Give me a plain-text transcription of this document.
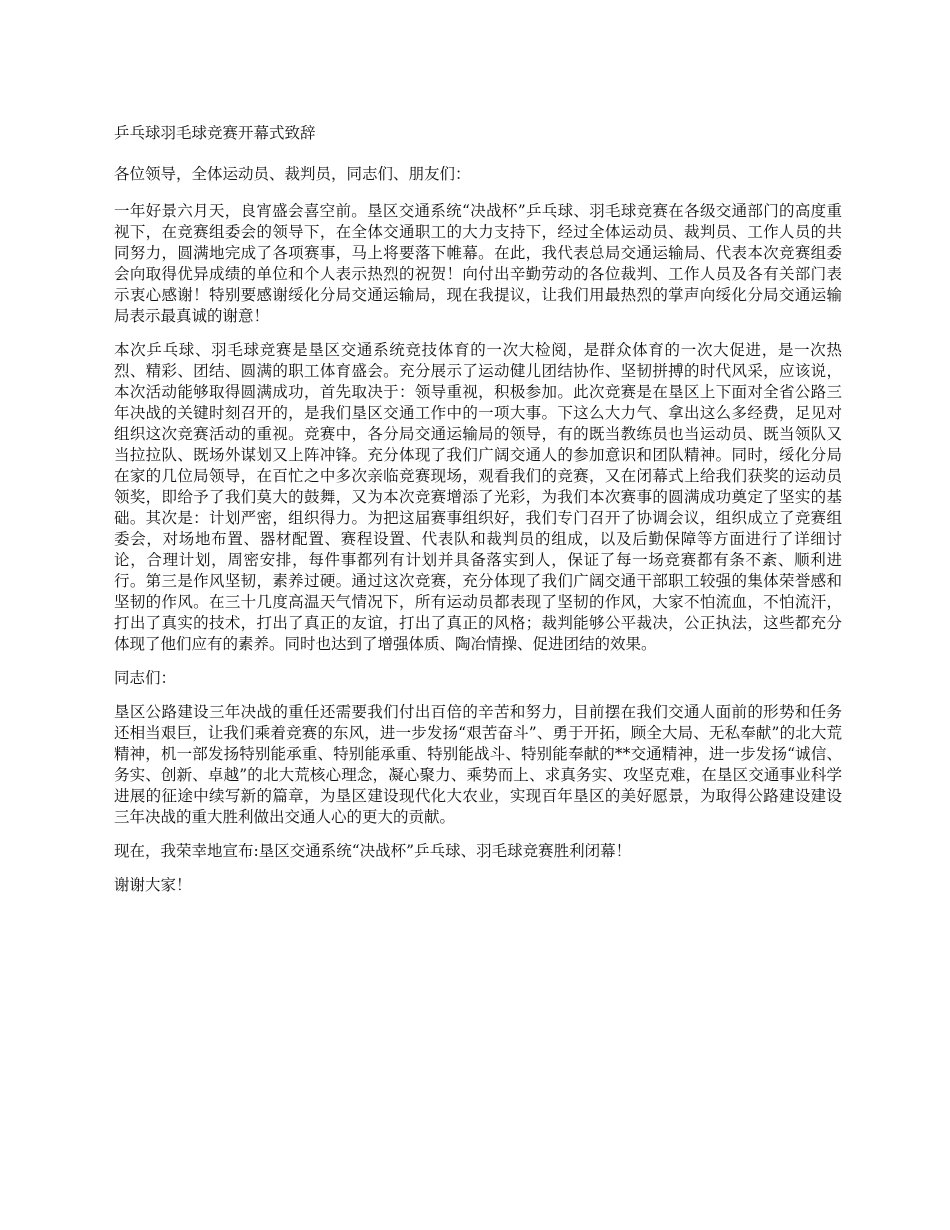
乒乓球羽毛球竞赛开幕式致辞

各位领导，全体运动员、裁判员，同志们、朋友们：

一年好景六月天，良宵盛会喜空前。垦区交通系统“决战杯”乒乓球、羽毛球竞赛在各级交通部门的高度重视下，在竞赛组委会的领导下，在全体交通职工的大力支持下，经过全体运动员、裁判员、工作人员的共同努力，圆满地完成了各项赛事，马上将要落下帷幕。在此，我代表总局交通运输局、代表本次竞赛组委会向取得优异成绩的单位和个人表示热烈的祝贺！向付出辛勤劳动的各位裁判、工作人员及各有关部门表示衷心感谢！特别要感谢绥化分局交通运输局，现在我提议，让我们用最热烈的掌声向绥化分局交通运输局表示最真诚的谢意！

本次乒乓球、羽毛球竞赛是垦区交通系统竞技体育的一次大检阅，是群众体育的一次大促进，是一次热烈、精彩、团结、圆满的职工体育盛会。充分展示了运动健儿团结协作、坚韧拼搏的时代风采，应该说，本次活动能够取得圆满成功，首先取决于：领导重视，积极参加。此次竞赛是在垦区上下面对全省公路三年决战的关键时刻召开的，是我们垦区交通工作中的一项大事。下这么大力气、拿出这么多经费，足见对组织这次竞赛活动的重视。竞赛中，各分局交通运输局的领导，有的既当教练员也当运动员、既当领队又当拉拉队、既场外谋划又上阵冲锋。充分体现了我们广阔交通人的参加意识和团队精神。同时，绥化分局在家的几位局领导，在百忙之中多次亲临竞赛现场，观看我们的竞赛，又在闭幕式上给我们获奖的运动员领奖，即给予了我们莫大的鼓舞，又为本次竞赛增添了光彩，为我们本次赛事的圆满成功奠定了坚实的基础。其次是：计划严密，组织得力。为把这届赛事组织好，我们专门召开了协调会议，组织成立了竞赛组委会，对场地布置、器材配置、赛程设置、代表队和裁判员的组成，以及后勤保障等方面进行了详细讨论，合理计划，周密安排，每件事都列有计划并具备落实到人，保证了每一场竞赛都有条不紊、顺利进行。第三是作风坚韧，素养过硬。通过这次竞赛，充分体现了我们广阔交通干部职工较强的集体荣誉感和坚韧的作风。在三十几度高温天气情况下，所有运动员都表现了坚韧的作风，大家不怕流血，不怕流汗，打出了真实的技术，打出了真正的友谊，打出了真正的风格；裁判能够公平裁决，公正执法，这些都充分体现了他们应有的素养。同时也达到了增强体质、陶冶情操、促进团结的效果。

同志们：

垦区公路建设三年决战的重任还需要我们付出百倍的辛苦和努力，目前摆在我们交通人面前的形势和任务还相当艰巨，让我们乘着竞赛的东风，进一步发扬“艰苦奋斗”、勇于开拓，顾全大局、无私奉献”的北大荒精神，机一部发扬特别能承重、特别能承重、特别能战斗、特别能奉献的**交通精神，进一步发扬“诚信、务实、创新、卓越”的北大荒核心理念，凝心聚力、乘势而上、求真务实、攻坚克难，在垦区交通事业科学进展的征途中续写新的篇章，为垦区建设现代化大农业，实现百年垦区的美好愿景，为取得公路建设建设三年决战的重大胜利做出交通人心的更大的贡献。

现在，我荣幸地宣布:垦区交通系统“决战杯”乒乓球、羽毛球竞赛胜利闭幕！

谢谢大家！
